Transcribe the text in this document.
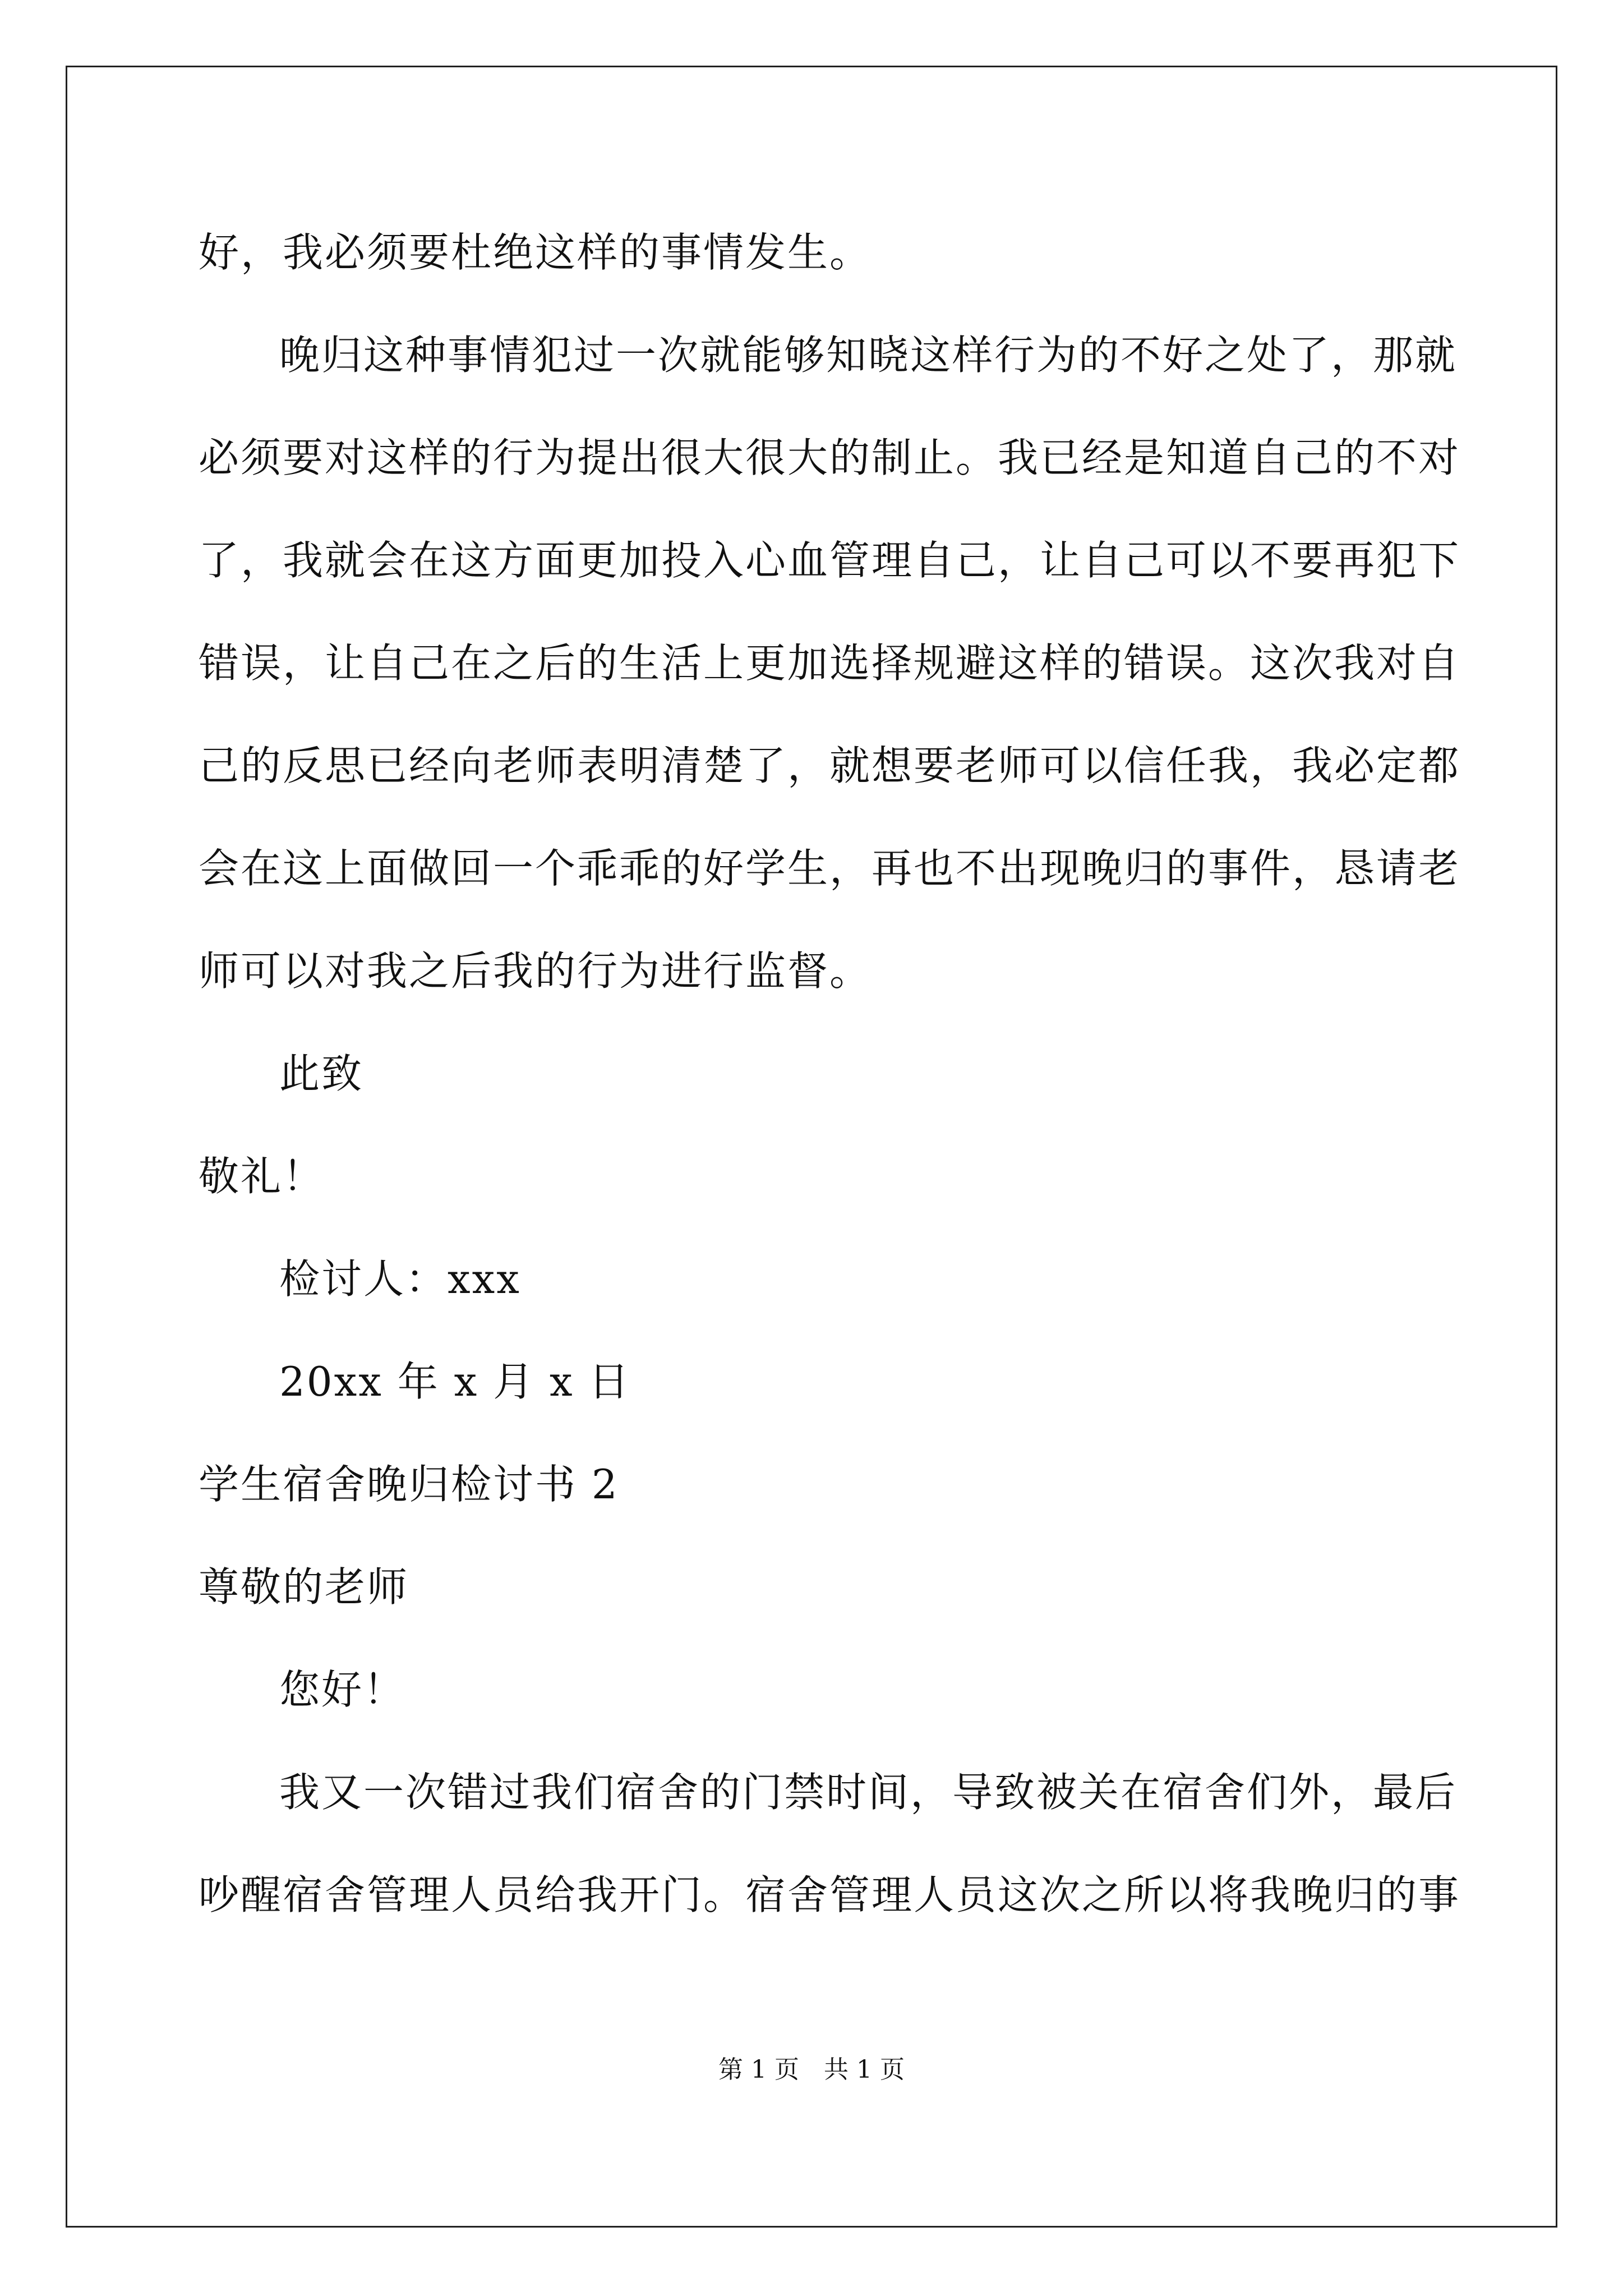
好，我必须要杜绝这样的事情发生。
晚归这种事情犯过一次就能够知晓这样行为的不好之处了，那就
必须要对这样的行为提出很大很大的制止。我已经是知道自己的不对
了，我就会在这方面更加投入心血管理自己，让自己可以不要再犯下
错误，让自己在之后的生活上更加选择规避这样的错误。这次我对自
己的反思已经向老师表明清楚了，就想要老师可以信任我，我必定都
会在这上面做回一个乖乖的好学生，再也不出现晚归的事件，恳请老
师可以对我之后我的行为进行监督。
此致
敬礼！
检讨人：xxx
20xx 年 x 月 x 日
学生宿舍晚归检讨书 2
尊敬的老师
您好！
我又一次错过我们宿舍的门禁时间，导致被关在宿舍们外，最后
吵醒宿舍管理人员给我开门。宿舍管理人员这次之所以将我晚归的事
第 1 页　共 1 页
